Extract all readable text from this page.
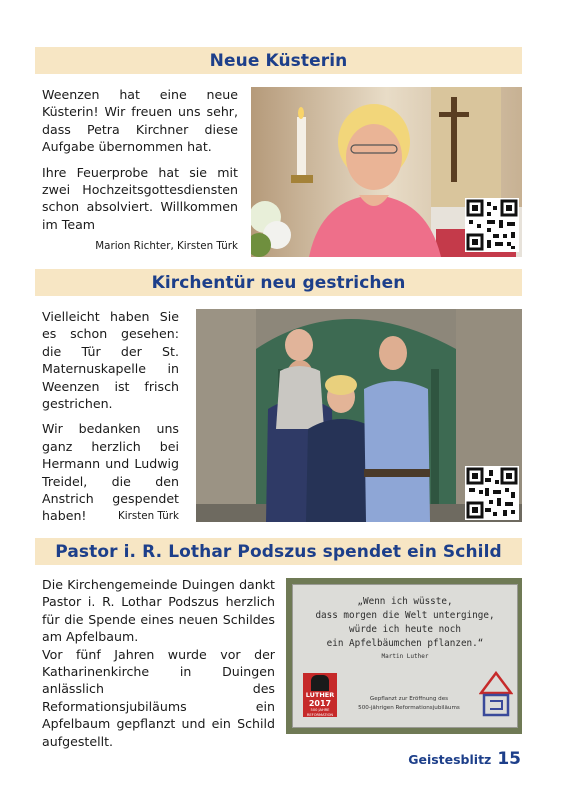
Neue Küsterin

Weenzen hat eine neue Küsterin! Wir freuen uns sehr, dass Petra Kirchner diese Aufgabe übernommen hat.

Ihre Feuerprobe hat sie mit zwei Hochzeitsgottesdiensten schon absolviert. Willkommen im Team

Marion Richter, Kirsten Türk
Kirchentür neu gestrichen

Vielleicht haben Sie es schon gesehen: die Tür der St. Maternuskapelle in Weenzen ist frisch gestrichen.

Wir bedanken uns ganz herzlich bei Hermann und Ludwig Treidel, die den Anstrich gespendet haben!	Kirsten Türk
Pastor i. R. Lothar Podszus spendet ein Schild

Die Kirchengemeinde Duingen dankt Pastor i. R. Lothar Podszus herzlich für die Spende eines neuen Schildes am Apfelbaum.

Vor fünf Jahren wurde vor der Katharinenkirche in Duingen anlässlich des Reformationsjubiläums ein Apfelbaum gepflanzt und ein Schild aufgestellt.

„Wenn ich wüsste,
dass morgen die Welt unterginge,
würde ich heute noch
ein Apfelbäumchen pflanzen.“
Martin Luther
LUTHER
2017
500 JAHRE
REFORMATION
Gepflanzt zur Eröffnung des
500-jährigen Reformationsjubiläums
Geistesblitz 15
